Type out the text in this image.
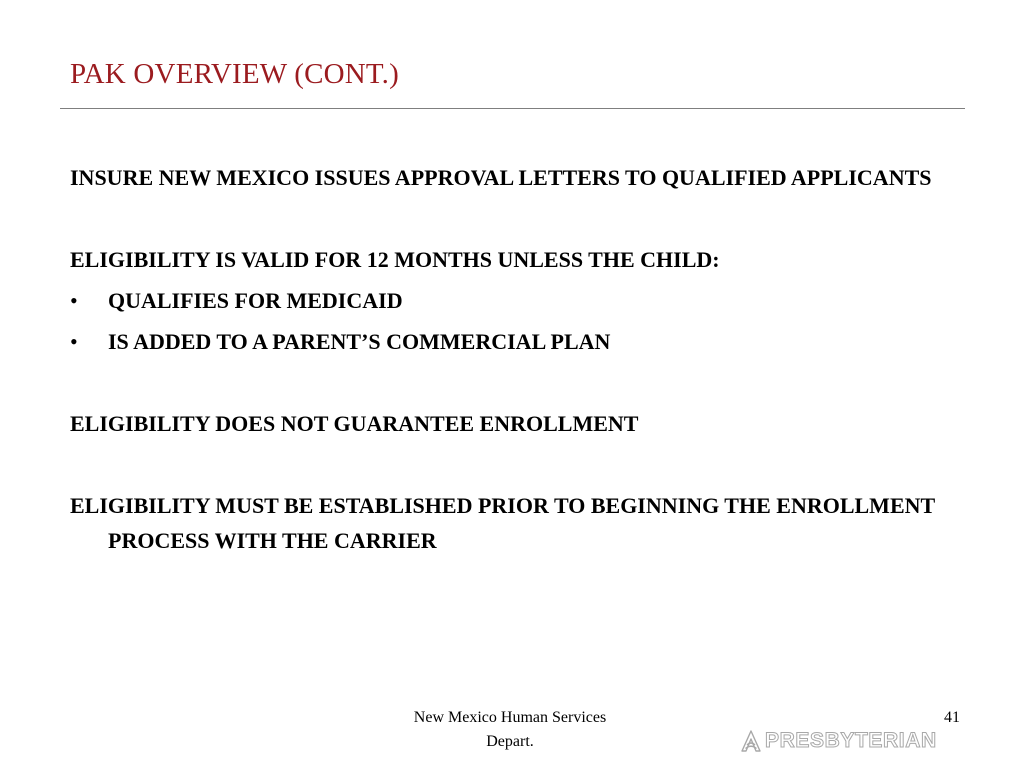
PAK OVERVIEW (CONT.)

INSURE NEW MEXICO ISSUES APPROVAL LETTERS TO QUALIFIED APPLICANTS

ELIGIBILITY IS VALID FOR 12 MONTHS UNLESS THE CHILD:

•	QUALIFIES FOR MEDICAID
•	IS ADDED TO A PARENT’S COMMERCIAL PLAN

ELIGIBILITY DOES NOT GUARANTEE ENROLLMENT

ELIGIBILITY MUST BE ESTABLISHED PRIOR TO BEGINNING THE ENROLLMENT PROCESS WITH THE CARRIER

New Mexico Human Services
Depart.
41
PRESBYTERIAN
